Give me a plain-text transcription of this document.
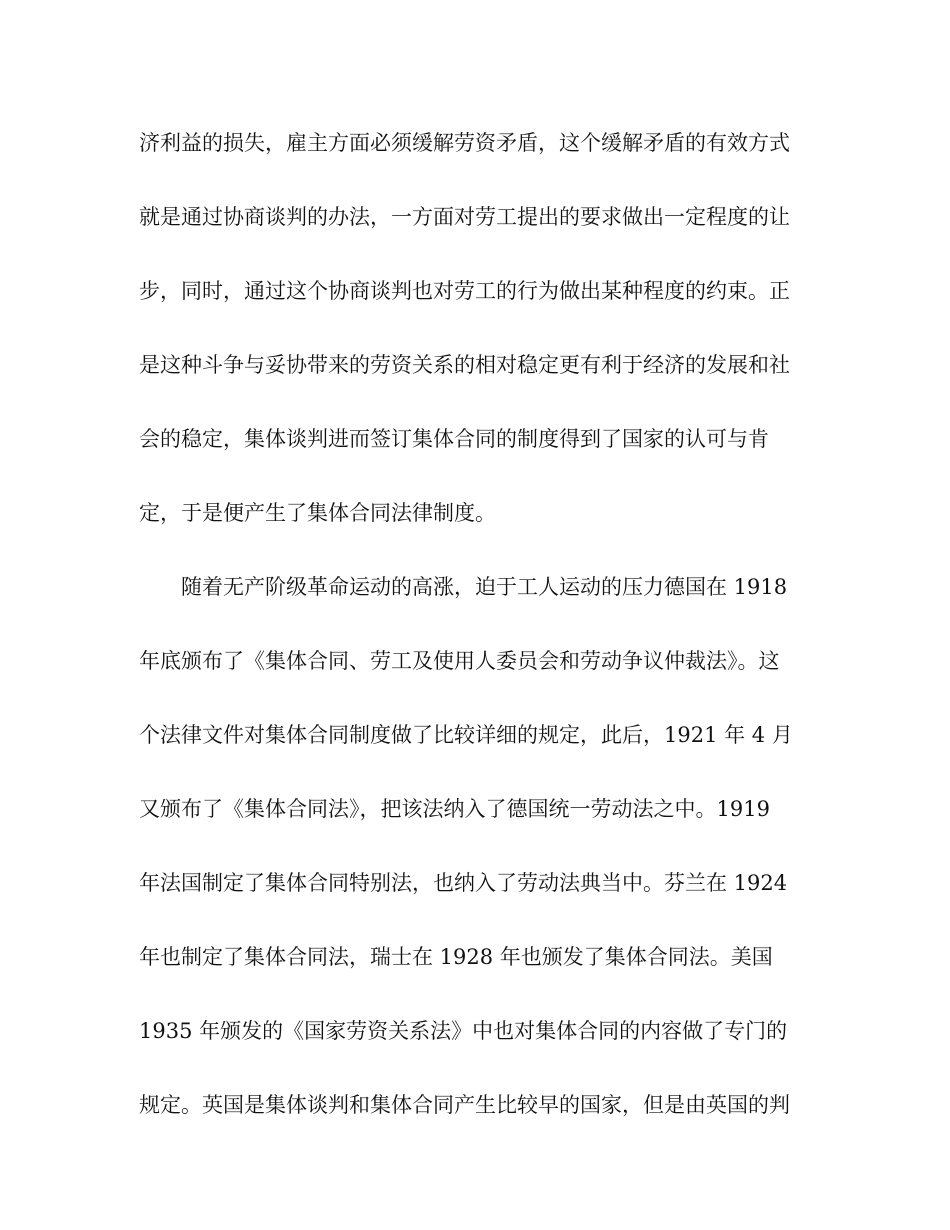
济利益的损失，雇主方面必须缓解劳资矛盾，这个缓解矛盾的有效方式
就是通过协商谈判的办法，一方面对劳工提出的要求做出一定程度的让
步，同时，通过这个协商谈判也对劳工的行为做出某种程度的约束。正
是这种斗争与妥协带来的劳资关系的相对稳定更有利于经济的发展和社
会的稳定，集体谈判进而签订集体合同的制度得到了国家的认可与肯
定，于是便产生了集体合同法律制度。
随着无产阶级革命运动的高涨，迫于工人运动的压力德国在 1918
年底颁布了《集体合同、劳工及使用人委员会和劳动争议仲裁法》。这
个法律文件对集体合同制度做了比较详细的规定，此后，1921 年 4 月
又颁布了《集体合同法》，把该法纳入了德国统一劳动法之中。1919
年法国制定了集体合同特别法，也纳入了劳动法典当中。芬兰在 1924
年也制定了集体合同法，瑞士在 1928 年也颁发了集体合同法。美国
1935 年颁发的《国家劳资关系法》中也对集体合同的内容做了专门的
规定。英国是集体谈判和集体合同产生比较早的国家，但是由英国的判
